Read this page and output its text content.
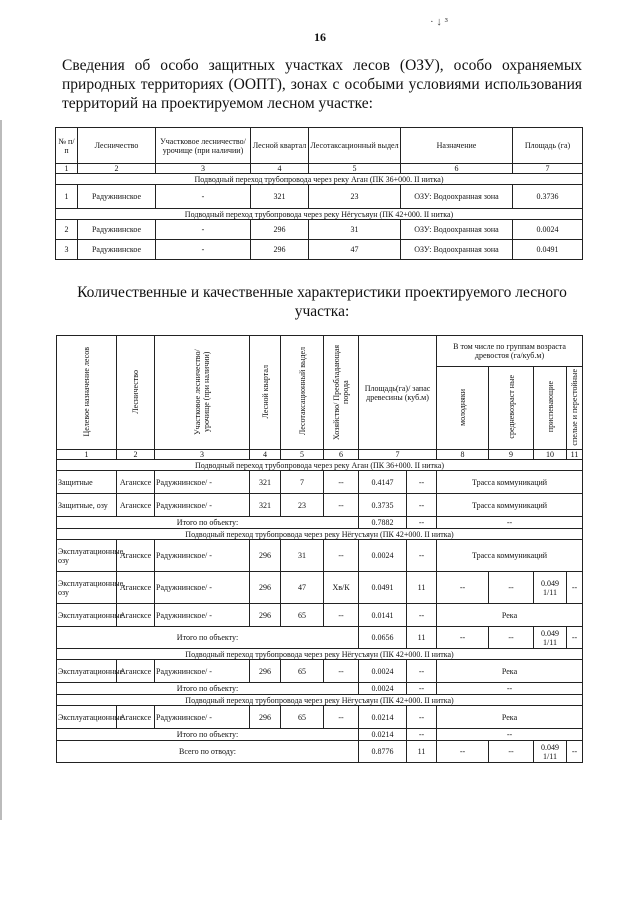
· ↓ ³
16
Сведения об особо защитных участках лесов (ОЗУ), особо охраняемых природных территориях (ООПТ), зонах с особыми условиями использования территорий на проектируемом лесном участке:
№ п/п	Лесничество	Участковое лесничество/урочище (при наличии)	Лесной квартал	Лесотаксационный выдел	Назначение	Площадь (га)
1	2	3	4	5	6	7
Подводный переход трубопровода через реку Аган (ПК 36+000. II нитка)						
1	Радужнинское	-	321	23	ОЗУ: Водоохранная зона	0.3736
Подводный переход трубопровода через реку Нёгусъяун (ПК 42+000. II нитка)						
2	Радужнинское	-	296	31	ОЗУ: Водоохранная зона	0.0024
3	Радужнинское	-	296	47	ОЗУ: Водоохранная зона	0.0491
Количественные и качественные характеристики проектируемого лесного участка:
Целевое назначение лесов	Лесничество	Участковое лесничество/урочище (при наличии)	Лесной квартал	Лесотаксационный выдел	Хозяйство/ Преобладающая порода	Площадь(га)/ запас древесины (куб.м)		В том числе по группам возраста древостоя (га/куб.м)			
								молодняки	средневозраст ные	приспевающие	спелые и перестойные
1	2	3	4	5	6	7		8	9	10	11
Подводный переход трубопровода через реку Аган (ПК 36+000. II нитка)											
Защитные	Агансксе	Радужнинское/ -	321	7	--	0.4147	--	Трасса коммуникаций			
Защитные, озу	Агансксе	Радужнинское/ -	321	23	--	0.3735	--	Трасса коммуникаций			
Итого по объекту:						0.7882	--	--			
Подводный переход трубопровода через реку Нёгусъяун (ПК 42+000. II нитка)											
Эксплуатационные, озу	Агансксе	Радужнинское/ -	296	31	--	0.0024	--	Трасса коммуникаций			
Эксплуатационные, озу	Агансксе	Радужнинское/ -	296	47	Хв/К	0.0491	11	--	--	0.049 1/11	--
Эксплуатационные	Агансксе	Радужнинское/ -	296	65	--	0.0141	--	Река			
Итого по объекту:						0.0656	11	--	--	0.049 1/11	--
Подводный переход трубопровода через реку Нёгусъяун (ПК 42+000. II нитка)											
Эксплуатационные	Агансксе	Радужнинское/ -	296	65	--	0.0024	--	Река			
Итого по объекту:						0.0024	--	--			
Подводный переход трубопровода через реку Нёгусъяун (ПК 42+000. II нитка)											
Эксплуатационные	Агансксе	Радужнинское/ -	296	65	--	0.0214	--	Река			
Итого по объекту:						0.0214	--	--			
Всего по отводу:						0.8776	11	--	--	0.049 1/11	--
